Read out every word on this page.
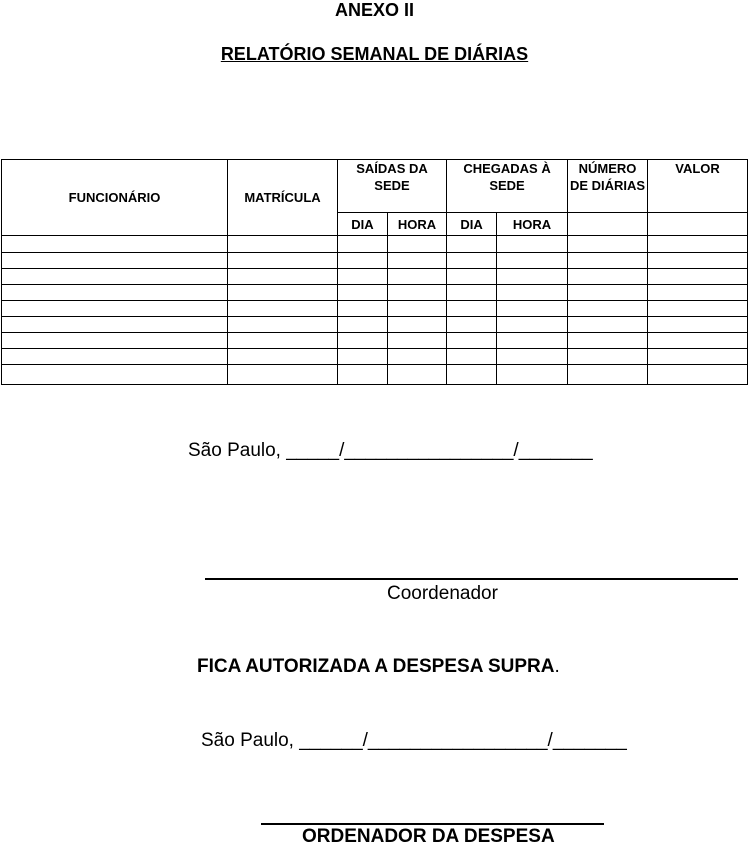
ANEXO II
RELATÓRIO SEMANAL DE DIÁRIAS
FUNCIONÁRIO	MATRÍCULA	SAÍDAS DA SEDE		CHEGADAS À SEDE		NÚMERO DE DIÁRIAS	VALOR
		DIA	HORA	DIA	HORA		

São Paulo, _____/________________/_______
Coordenador
FICA AUTORIZADA A DESPESA SUPRA.
São Paulo, ______/_________________/_______
ORDENADOR DA DESPESA
